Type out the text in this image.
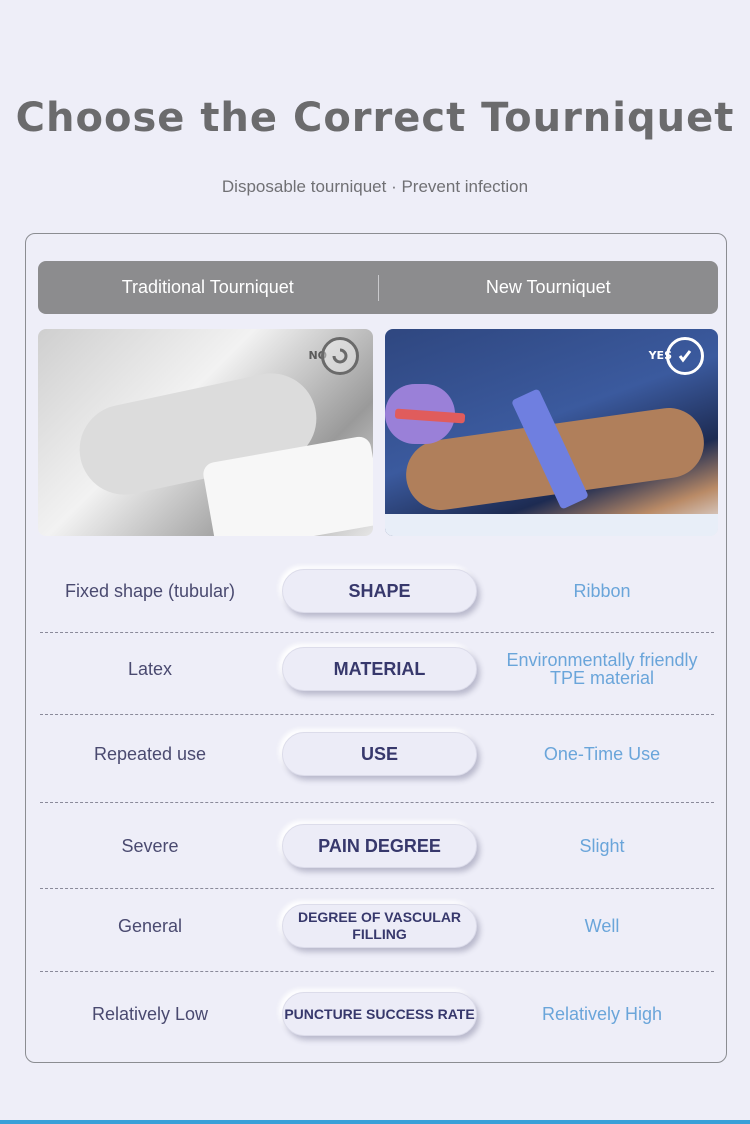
Choose the Correct Tourniquet
Disposable tourniquet · Prevent infection
Traditional Tourniquet	New Tourniquet
NO	YES
Fixed shape (tubular)	SHAPE	Ribbon
Latex	MATERIAL	Environmentally friendly TPE material
Repeated use	USE	One-Time Use
Severe	PAIN DEGREE	Slight
General	DEGREE OF VASCULAR FILLING	Well
Relatively Low	PUNCTURE SUCCESS RATE	Relatively High
